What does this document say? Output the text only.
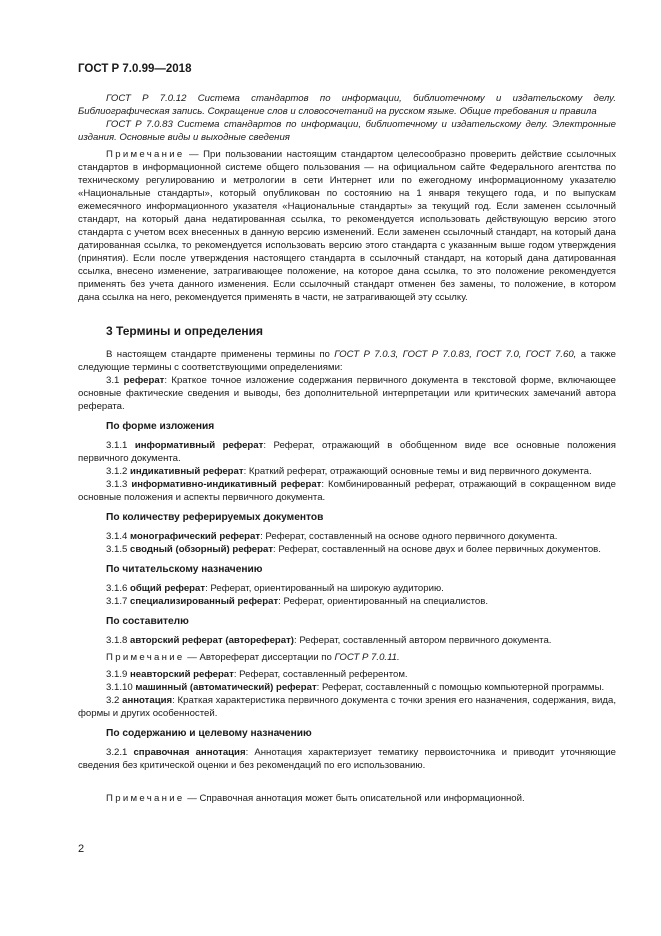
ГОСТ Р 7.0.99—2018

ГОСТ Р 7.0.12 Система стандартов по информации, библиотечному и издательскому делу. Библиографическая запись. Сокращение слов и словосочетаний на русском языке. Общие требования и правила

ГОСТ Р 7.0.83 Система стандартов по информации, библиотечному и издательскому делу. Электронные издания. Основные виды и выходные сведения

Примечание — При пользовании настоящим стандартом целесообразно проверить действие ссылочных стандартов в информационной системе общего пользования — на официальном сайте Федерального агентства по техническому регулированию и метрологии в сети Интернет или по ежегодному информационному указателю «Национальные стандарты», который опубликован по состоянию на 1 января текущего года, и по выпускам ежемесячного информационного указателя «Национальные стандарты» за текущий год. Если заменен ссылочный стандарт, на который дана недатированная ссылка, то рекомендуется использовать действующую версию этого стандарта с учетом всех внесенных в данную версию изменений. Если заменен ссылочный стандарт, на который дана датированная ссылка, то рекомендуется использовать версию этого стандарта с указанным выше годом утверждения (принятия). Если после утверждения настоящего стандарта в ссылочный стандарт, на который дана датированная ссылка, внесено изменение, затрагивающее положение, на которое дана ссылка, то это положение рекомендуется применять без учета данного изменения. Если ссылочный стандарт отменен без замены, то положение, в котором дана ссылка на него, рекомендуется применять в части, не затрагивающей эту ссылку.

3 Термины и определения

В настоящем стандарте применены термины по ГОСТ Р 7.0.3, ГОСТ Р 7.0.83, ГОСТ 7.0, ГОСТ 7.60, а также следующие термины с соответствующими определениями:

3.1 реферат: Краткое точное изложение содержания первичного документа в текстовой форме, включающее основные фактические сведения и выводы, без дополнительной интерпретации или критических замечаний автора реферата.

По форме изложения

3.1.1 информативный реферат: Реферат, отражающий в обобщенном виде все основные положения первичного документа.

3.1.2 индикативный реферат: Краткий реферат, отражающий основные темы и вид первичного документа.

3.1.3 информативно-индикативный реферат: Комбинированный реферат, отражающий в сокращенном виде основные положения и аспекты первичного документа.

По количеству реферируемых документов

3.1.4 монографический реферат: Реферат, составленный на основе одного первичного документа.

3.1.5 сводный (обзорный) реферат: Реферат, составленный на основе двух и более первичных документов.

По читательскому назначению

3.1.6 общий реферат: Реферат, ориентированный на широкую аудиторию.

3.1.7 специализированный реферат: Реферат, ориентированный на специалистов.

По составителю

3.1.8 авторский реферат (автореферат): Реферат, составленный автором первичного документа.

Примечание — Автореферат диссертации по ГОСТ Р 7.0.11.

3.1.9 неавторский реферат: Реферат, составленный референтом.

3.1.10 машинный (автоматический) реферат: Реферат, составленный с помощью компьютерной программы.

3.2 аннотация: Краткая характеристика первичного документа с точки зрения его назначения, содержания, вида, формы и других особенностей.

По содержанию и целевому назначению

3.2.1 справочная аннотация: Аннотация характеризует тематику первоисточника и приводит уточняющие сведения без критической оценки и без рекомендаций по его использованию.

Примечание — Справочная аннотация может быть описательной или информационной.

2
